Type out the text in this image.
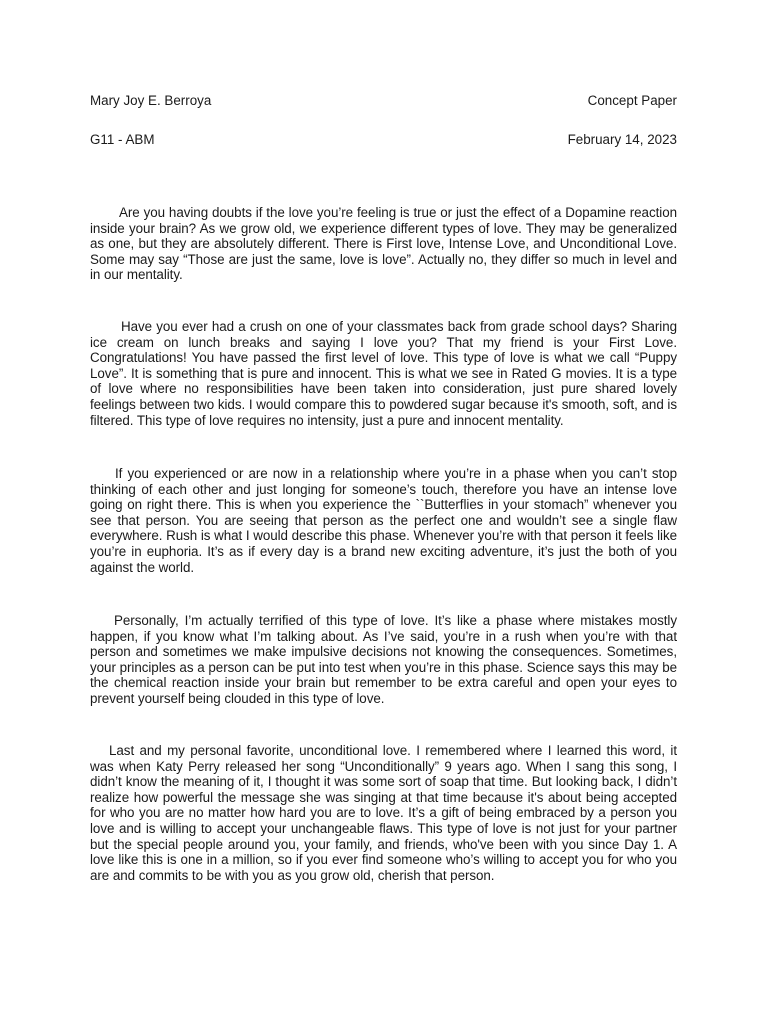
Mary Joy E. Berroya	Concept Paper
G11 - ABM	February 14, 2023

Are you having doubts if the love you’re feeling is true or just the effect of a Dopamine reaction inside your brain? As we grow old, we experience different types of love. They may be generalized as one, but they are absolutely different. There is First love, Intense Love, and Unconditional Love. Some may say “Those are just the same, love is love”. Actually no, they differ so much in level and in our mentality.

Have you ever had a crush on one of your classmates back from grade school days? Sharing ice cream on lunch breaks and saying I love you? That my friend is your First Love. Congratulations! You have passed the first level of love. This type of love is what we call “Puppy Love”. It is something that is pure and innocent. This is what we see in Rated G movies. It is a type of love where no responsibilities have been taken into consideration, just pure shared lovely feelings between two kids. I would compare this to powdered sugar because it's smooth, soft, and is filtered. This type of love requires no intensity, just a pure and innocent mentality.

If you experienced or are now in a relationship where you’re in a phase when you can’t stop thinking of each other and just longing for someone’s touch, therefore you have an intense love going on right there. This is when you experience the ``Butterflies in your stomach” whenever you see that person. You are seeing that person as the perfect one and wouldn’t see a single flaw everywhere. Rush is what I would describe this phase. Whenever you’re with that person it feels like you’re in euphoria. It’s as if every day is a brand new exciting adventure, it’s just the both of you against the world.

Personally, I’m actually terrified of this type of love. It’s like a phase where mistakes mostly happen, if you know what I’m talking about. As I’ve said, you’re in a rush when you’re with that person and sometimes we make impulsive decisions not knowing the consequences. Sometimes, your principles as a person can be put into test when you’re in this phase. Science says this may be the chemical reaction inside your brain but remember to be extra careful and open your eyes to prevent yourself being clouded in this type of love.

Last and my personal favorite, unconditional love. I remembered where I learned this word, it was when Katy Perry released her song “Unconditionally” 9 years ago. When I sang this song, I didn’t know the meaning of it, I thought it was some sort of soap that time. But looking back, I didn’t realize how powerful the message she was singing at that time because it's about being accepted for who you are no matter how hard you are to love. It’s a gift of being embraced by a person you love and is willing to accept your unchangeable flaws. This type of love is not just for your partner but the special people around you, your family, and friends, who've been with you since Day 1. A love like this is one in a million, so if you ever find someone who’s willing to accept you for who you are and commits to be with you as you grow old, cherish that person.
